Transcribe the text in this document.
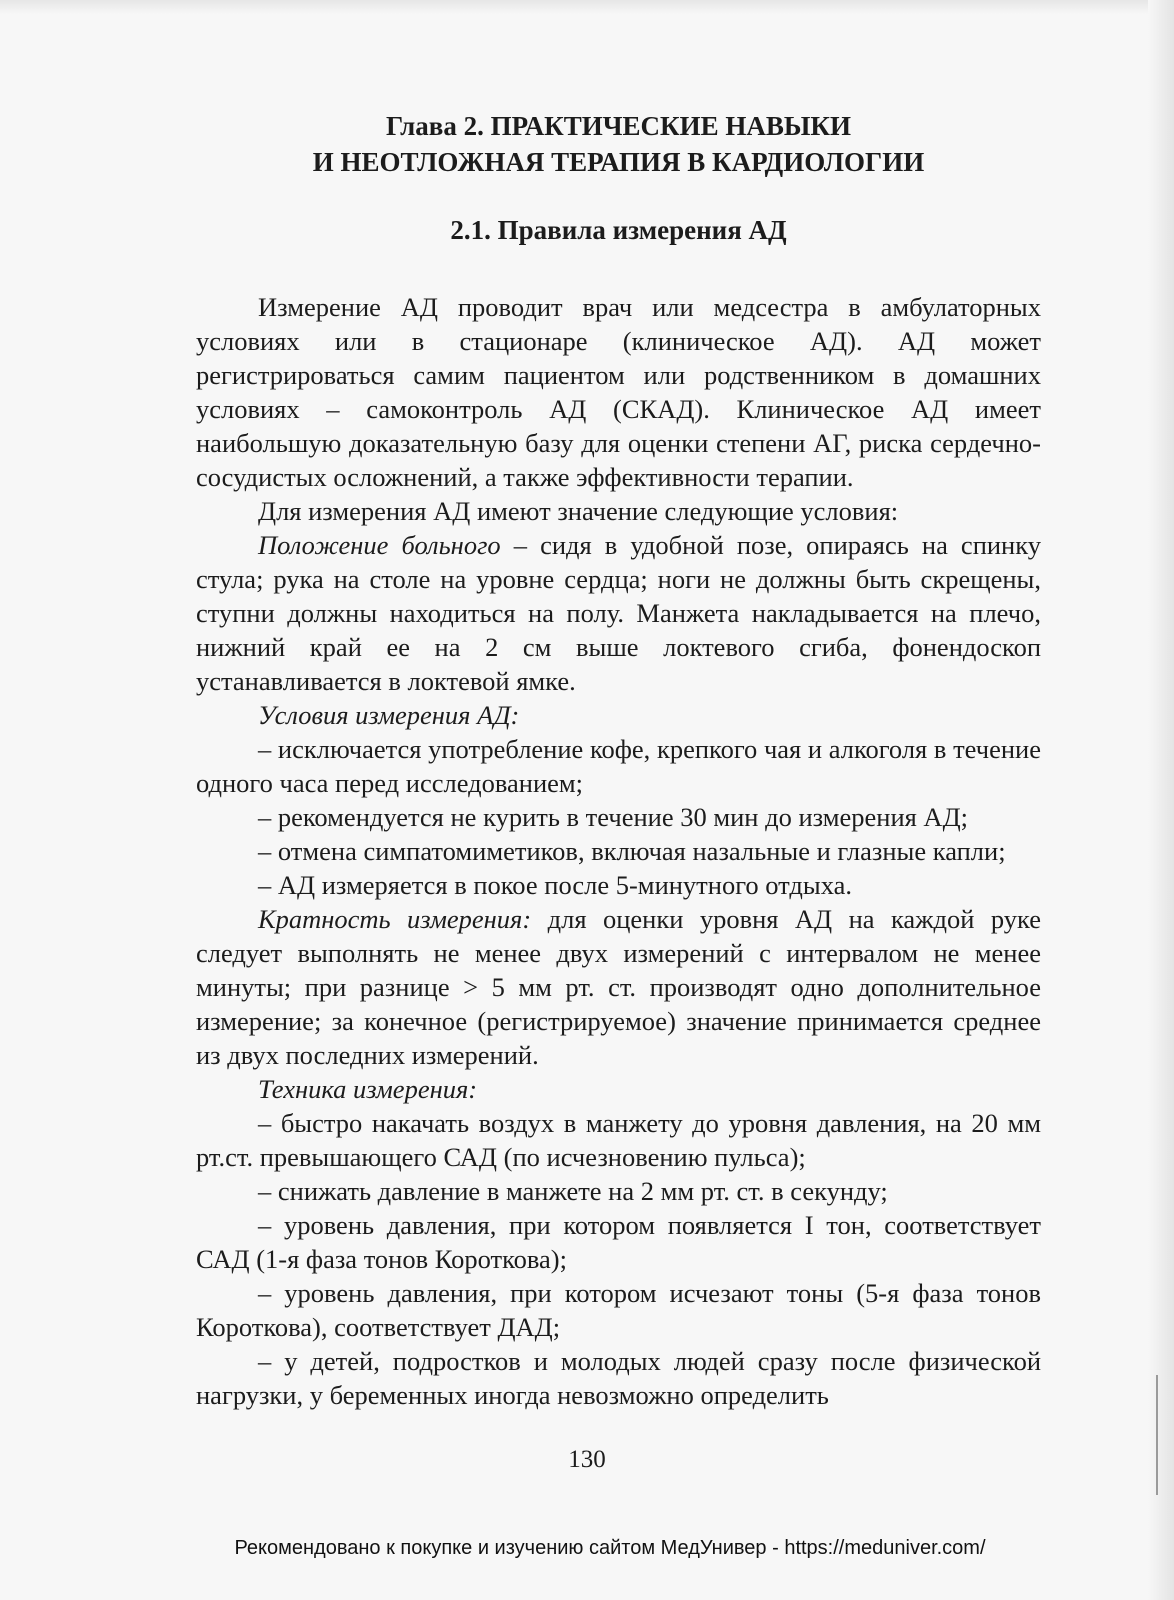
Глава 2. ПРАКТИЧЕСКИЕ НАВЫКИ
И НЕОТЛОЖНАЯ ТЕРАПИЯ В КАРДИОЛОГИИ
2.1. Правила измерения АД

Измерение АД проводит врач или медсестра в амбулаторных условиях или в стационаре (клиническое АД). АД может регистрироваться самим пациентом или родственником в домашних условиях – самоконтроль АД (СКАД). Клиническое АД имеет наибольшую доказательную базу для оценки степени АГ, риска сердечно-сосудистых осложнений, а также эффективности терапии.

Для измерения АД имеют значение следующие условия:

Положение больного – сидя в удобной позе, опираясь на спинку стула; рука на столе на уровне сердца; ноги не должны быть скрещены, ступни должны находиться на полу. Манжета накладывается на плечо, нижний край ее на 2 см выше локтевого сгиба, фонендоскоп устанавливается в локтевой ямке.

Условия измерения АД:

– исключается употребление кофе, крепкого чая и алкоголя в течение одного часа перед исследованием;

– рекомендуется не курить в течение 30 мин до измерения АД;

– отмена симпатомиметиков, включая назальные и глазные капли;

– АД измеряется в покое после 5-минутного отдыха.

Кратность измерения: для оценки уровня АД на каждой руке следует выполнять не менее двух измерений с интервалом не менее минуты; при разнице > 5 мм рт. ст. производят одно дополнительное измерение; за конечное (регистрируемое) значение принимается среднее из двух последних измерений.

Техника измерения:

– быстро накачать воздух в манжету до уровня давления, на 20 мм рт.ст. превышающего САД (по исчезновению пульса);

– снижать давление в манжете на 2 мм рт. ст. в секунду;

– уровень давления, при котором появляется I тон, соответствует САД (1-я фаза тонов Короткова);

– уровень давления, при котором исчезают тоны (5-я фаза тонов Короткова), соответствует ДАД;

– у детей, подростков и молодых людей сразу после физической нагрузки, у беременных иногда невозможно определить

130
Рекомендовано к покупке и изучению сайтом МедУнивер - https://meduniver.com/
